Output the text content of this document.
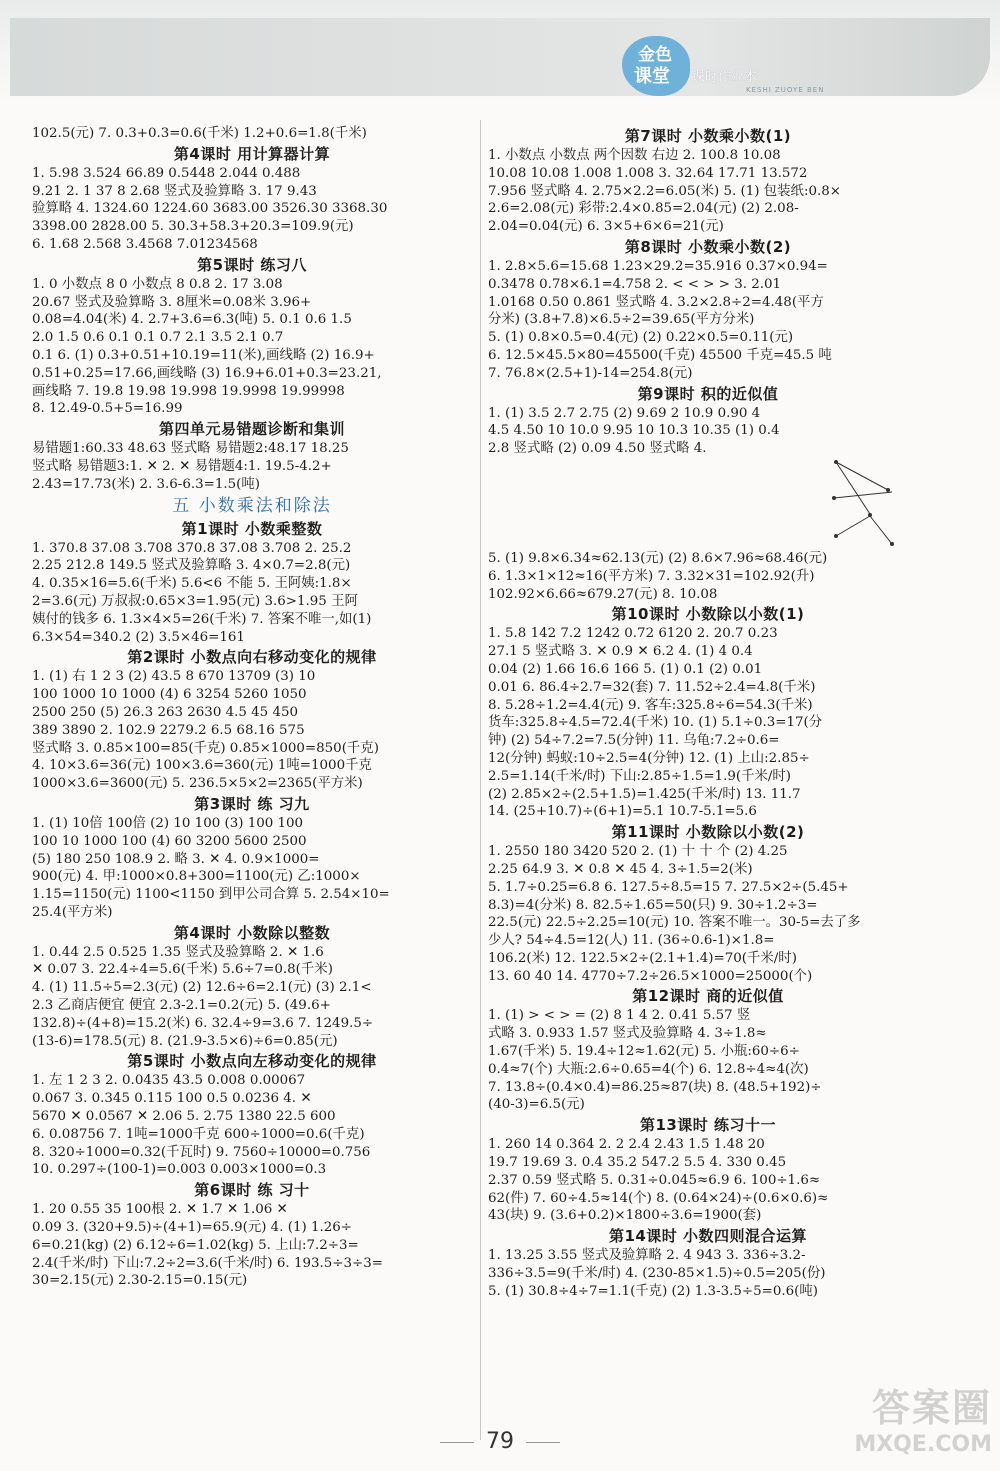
金色
课堂 课时作业本
KESHI ZUOYE BEN
102.5(元) 7. 0.3+0.3=0.6(千米) 1.2+0.6=1.8(千米)
第4课时 用计算器计算
1. 5.98 3.524 66.89 0.5448 2.044 0.488
9.21 2. 1 37 8 2.68 竖式及验算略 3. 17 9.43
验算略 4. 1324.60 1224.60 3683.00 3526.30 3368.30
3398.00 2828.00 5. 30.3+58.3+20.3=109.9(元)
6. 1.68 2.568 3.4568 7.01234568
第5课时 练习八
1. 0 小数点 8 0 小数点 8 0.8 2. 17 3.08
20.67 竖式及验算略 3. 8厘米=0.08米 3.96+
0.08=4.04(米) 4. 2.7+3.6=6.3(吨) 5. 0.1 0.6 1.5
2.0 1.5 0.6 0.1 0.1 0.7 2.1 3.5 2.1 0.7
0.1 6. (1) 0.3+0.51+10.19=11(米),画线略 (2) 16.9+
0.51+0.25=17.66,画线略 (3) 16.9+6.01+0.3=23.21,
画线略 7. 19.8 19.98 19.998 19.9998 19.99998
8. 12.49-0.5+5=16.99
第四单元易错题诊断和集训
易错题1:60.33 48.63 竖式略 易错题2:48.17 18.25
竖式略 易错题3:1. ✕ 2. ✕ 易错题4:1. 19.5-4.2+
2.43=17.73(米) 2. 3.6-6.3=1.5(吨)
五 小数乘法和除法
第1课时 小数乘整数
1. 370.8 37.08 3.708 370.8 37.08 3.708 2. 25.2
2.25 212.8 149.5 竖式及验算略 3. 4×0.7=2.8(元)
4. 0.35×16=5.6(千米) 5.6<6 不能 5. 王阿姨:1.8×
2=3.6(元) 万叔叔:0.65×3=1.95(元) 3.6>1.95 王阿
姨付的钱多 6. 1.3×4×5=26(千米) 7. 答案不唯一,如(1)
6.3×54=340.2 (2) 3.5×46=161
第2课时 小数点向右移动变化的规律
1. (1) 右 1 2 3 (2) 43.5 8 670 13709 (3) 10
100 1000 10 1000 (4) 6 3254 5260 1050
2500 250 (5) 26.3 263 2630 4.5 45 450
389 3890 2. 102.9 2279.2 6.5 68.16 575
竖式略 3. 0.85×100=85(千克) 0.85×1000=850(千克)
4. 10×3.6=36(元) 100×3.6=360(元) 1吨=1000千克
1000×3.6=3600(元) 5. 236.5×5×2=2365(平方米)
第3课时 练 习九
1. (1) 10倍 100倍 (2) 10 100 (3) 100 100
100 10 1000 100 (4) 60 3200 5600 2500
(5) 180 250 108.9 2. 略 3. ✕ 4. 0.9×1000=
900(元) 4. 甲:1000×0.8+300=1100(元) 乙:1000×
1.15=1150(元) 1100<1150 到甲公司合算 5. 2.54×10=
25.4(平方米)
第4课时 小数除以整数
1. 0.44 2.5 0.525 1.35 竖式及验算略 2. ✕ 1.6
✕ 0.07 3. 22.4÷4=5.6(千米) 5.6÷7=0.8(千米)
4. (1) 11.5÷5=2.3(元) (2) 12.6÷6=2.1(元) (3) 2.1<
2.3 乙商店便宜 便宜 2.3-2.1=0.2(元) 5. (49.6+
132.8)÷(4+8)=15.2(米) 6. 32.4÷9=3.6 7. 1249.5÷
(13-6)=178.5(元) 8. (21.9-3.5×6)÷6=0.85(元)
第5课时 小数点向左移动变化的规律
1. 左 1 2 3 2. 0.0435 43.5 0.008 0.00067
0.067 3. 0.345 0.115 100 0.5 0.0236 4. ✕
5670 ✕ 0.0567 ✕ 2.06 5. 2.75 1380 22.5 600
6. 0.08756 7. 1吨=1000千克 600÷1000=0.6(千克)
8. 320÷1000=0.32(千瓦时) 9. 7560÷10000=0.756
10. 0.297÷(100-1)=0.003 0.003×1000=0.3
第6课时 练 习十
1. 20 0.55 35 100根 2. ✕ 1.7 ✕ 1.06 ✕
0.09 3. (320+9.5)÷(4+1)=65.9(元) 4. (1) 1.26÷
6=0.21(kg) (2) 6.12÷6=1.02(kg) 5. 上山:7.2÷3=
2.4(千米/时) 下山:7.2÷2=3.6(千米/时) 6. 193.5÷3÷3=
30=2.15(元) 2.30-2.15=0.15(元)
第7课时 小数乘小数(1)
1. 小数点 小数点 两个因数 右边 2. 100.8 10.08
10.08 10.08 1.008 1.008 3. 32.64 17.71 13.572
7.956 竖式略 4. 2.75×2.2=6.05(米) 5. (1) 包装纸:0.8×
2.6=2.08(元) 彩带:2.4×0.85=2.04(元) (2) 2.08-
2.04=0.04(元) 6. 3×5+6×6=21(元)
第8课时 小数乘小数(2)
1. 2.8×5.6=15.68 1.23×29.2=35.916 0.37×0.94=
0.3478 0.78×6.1=4.758 2. < < > > 3. 2.01
1.0168 0.50 0.861 竖式略 4. 3.2×2.8÷2=4.48(平方
分米) (3.8+7.8)×6.5÷2=39.65(平方分米)
5. (1) 0.8×0.5=0.4(元) (2) 0.22×0.5=0.11(元)
6. 12.5×45.5×80=45500(千克) 45500 千克=45.5 吨
7. 76.8×(2.5+1)-14=254.8(元)
第9课时 积的近似值
1. (1) 3.5 2.7 2.75 (2) 9.69 2 10.9 0.90 4
4.5 4.50 10 10.0 9.95 10 10.3 10.35 (1) 0.4
2.8 竖式略 (2) 0.09 4.50 竖式略 4.
5. (1) 9.8×6.34≈62.13(元) (2) 8.6×7.96≈68.46(元)
6. 1.3×1×12≈16(平方米) 7. 3.32×31=102.92(升)
102.92×6.66≈679.27(元) 8. 10.08
第10课时 小数除以小数(1)
1. 5.8 142 7.2 1242 0.72 6120 2. 20.7 0.23
27.1 5 竖式略 3. ✕ 0.9 ✕ 6.2 4. (1) 4 0.4
0.04 (2) 1.66 16.6 166 5. (1) 0.1 (2) 0.01
0.01 6. 86.4÷2.7=32(套) 7. 11.52÷2.4=4.8(千米)
8. 5.28÷1.2=4.4(元) 9. 客车:325.8÷6=54.3(千米)
货车:325.8÷4.5=72.4(千米) 10. (1) 5.1÷0.3=17(分
钟) (2) 54÷7.2=7.5(分钟) 11. 乌龟:7.2÷0.6=
12(分钟) 蚂蚁:10÷2.5=4(分钟) 12. (1) 上山:2.85÷
2.5=1.14(千米/时) 下山:2.85÷1.5=1.9(千米/时)
(2) 2.85×2÷(2.5+1.5)=1.425(千米/时) 13. 11.7
14. (25+10.7)÷(6+1)=5.1 10.7-5.1=5.6
第11课时 小数除以小数(2)
1. 2550 180 3420 520 2. (1) 十 十 个 (2) 4.25
2.25 64.9 3. ✕ 0.8 ✕ 45 4. 3÷1.5=2(米)
5. 1.7÷0.25=6.8 6. 127.5÷8.5=15 7. 27.5×2÷(5.45+
8.3)=4(分米) 8. 82.5÷1.65=50(只) 9. 30÷1.2÷3=
22.5(元) 22.5÷2.25=10(元) 10. 答案不唯一。30-5=去了多
少人? 54÷4.5=12(人) 11. (36÷0.6-1)×1.8=
106.2(米) 12. 122.5×2÷(2.1+1.4)=70(千米/时)
13. 60 40 14. 4770÷7.2÷26.5×1000=25000(个)
第12课时 商的近似值
1. (1) > < > = (2) 8 1 4 2. 0.41 5.57 竖
式略 3. 0.933 1.57 竖式及验算略 4. 3÷1.8≈
1.67(千米) 5. 19.4÷12≈1.62(元) 5. 小瓶:60÷6÷
0.4≈7(个) 大瓶:2.6÷0.65=4(个) 6. 12.8÷4≈4(次)
7. 13.8÷(0.4×0.4)=86.25≈87(块) 8. (48.5+192)÷
(40-3)=6.5(元)
第13课时 练习十一
1. 260 14 0.364 2. 2 2.4 2.43 1.5 1.48 20
19.7 19.69 3. 0.4 35.2 547.2 5.5 4. 330 0.45
2.37 0.59 竖式略 5. 0.31÷0.045≈6.9 6. 100÷1.6≈
62(件) 7. 60÷4.5≈14(个) 8. (0.64×24)÷(0.6×0.6)≈
43(块) 9. (3.6+0.2)×1800÷3.6=1900(套)
第14课时 小数四则混合运算
1. 13.25 3.55 竖式及验算略 2. 4 943 3. 336÷3.2-
336÷3.5=9(千米/时) 4. (230-85×1.5)÷0.5=205(份)
5. (1) 30.8÷4÷7=1.1(千克) (2) 1.3-3.5÷5=0.6(吨)
79
答案圈
MXQE.COM
